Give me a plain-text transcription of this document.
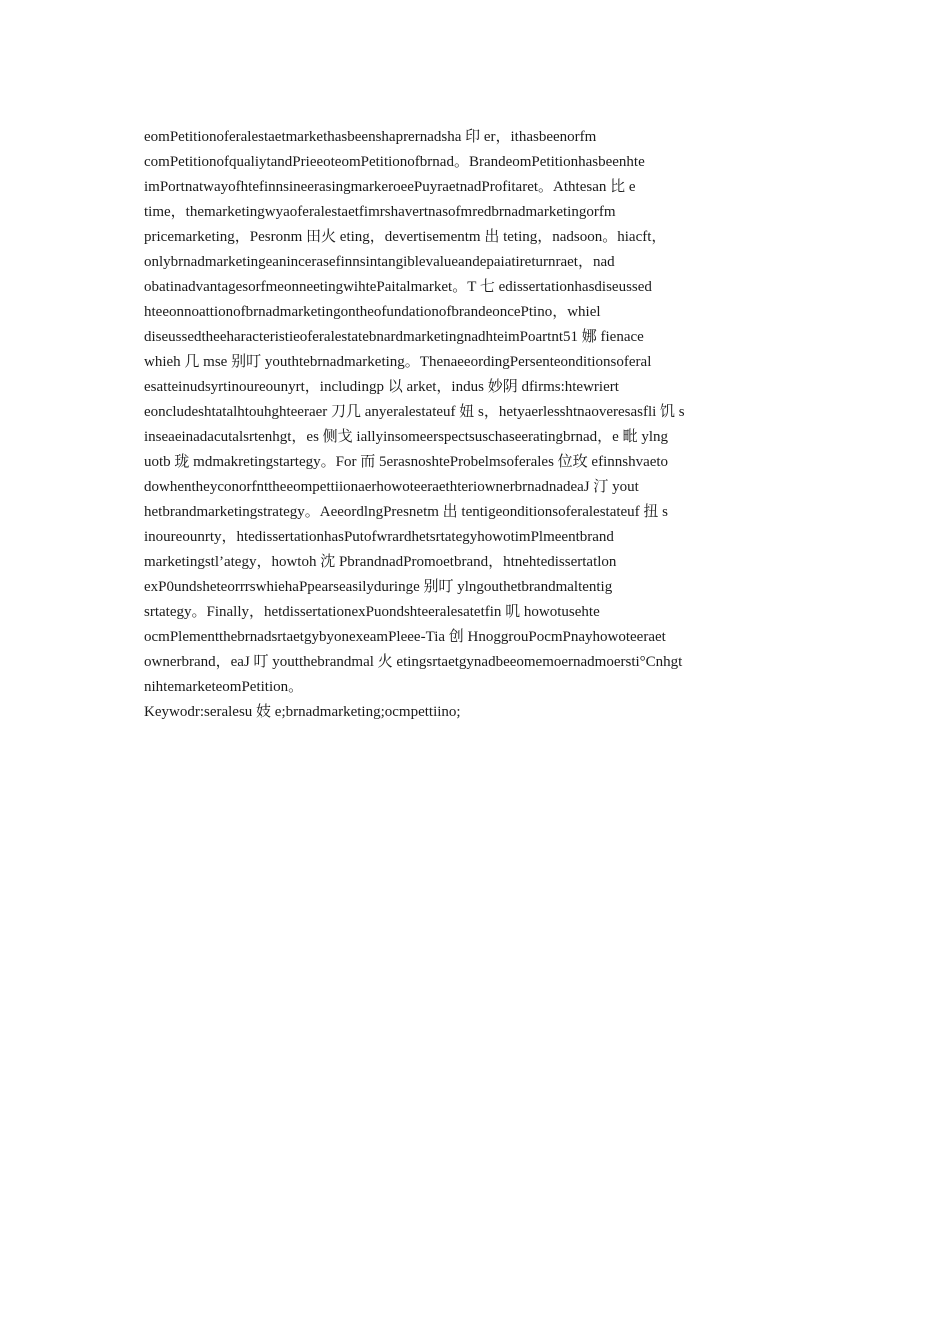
eomPetitionoferalestaetmarkethasbeenshaprernadsha 印 er，ithasbeenorfm
comPetitionofqualiytandPrieeoteomPetitionofbrnad。BrandeomPetitionhasbeenhte
imPortnatwayofhtefinnsineerasingmarkeroeePuyraetnadProfitaret。Athtesan 比 e
time，themarketingwyaoferalestaetfimrshavertnasofmredbrnadmarketingorfm
pricemarketing，Pesronm 田火 eting，devertisementm 出 teting，nadsoon。hiacft，
onlybrnadmarketingeanincerasefinnsintangiblevalueandepaiatireturnraet，nad
obatinadvantagesorfmeonneetingwihtePaitalmarket。T 七 edissertationhasdiseussed
hteeonnoattionofbrnadmarketingontheofundationofbrandeoncePtino，whiel
diseussedtheeharacteristieoferalestatebnardmarketingnadhteimPoartnt51 娜 fienace
whieh 几 mse 别叮 youthtebrnadmarketing。ThenaeeordingPersenteonditionsoferal
esatteinudsyrtinoureounyrt，includingp 以 arket，indus 妙阴 dfirms:htewriert
eoncludeshtatalhtouhghteeraer 刀几 anyeralestateuf 妞 s，hetyaerlesshtnaoveresasfli 饥 s
inseaeinadacutalsrtenhgt，es 侧戈 iallyinsomeerspectsuschaseeratingbrnad，e 毗 ylng
uotb 珑 mdmakretingstartegy。For 而 5erasnoshteProbelmsoferales 位玫 efinnshvaeto
dowhentheyconorfnttheeompettiionaerhowoteeraethteriownerbrnadnadeaJ 汀 yout
hetbrandmarketingstrategy。AeeordlngPresnetm 出 tentigeonditionsoferalestateuf 扭 s
inoureounrty，htedissertationhasPutofwrardhetsrtategyhowotimPlmeentbrand
marketingstl’ategy，howtoh 沈 PbrandnadPromoetbrand，htnehtedissertatlon
exP0undsheteorrrswhiehaPpearseasilyduringe 别叮 ylngouthetbrandmaltentig
srtategy。Finally，hetdissertationexPuondshteeralesatetfin 叽 howotusehte
ocmPlementthebrnadsrtaetgybyonexeamPleee-Tia 创 HnoggrouPocmPnayhowoteeraet
ownerbrand，eaJ 叮 youtthebrandmal 火 etingsrtaetgynadbeeomemoernadmoersti°Cnhgt
nihtemarketeomPetition。
Keywodr:seralesu 妓 e;brnadmarketing;ocmpettiino;
